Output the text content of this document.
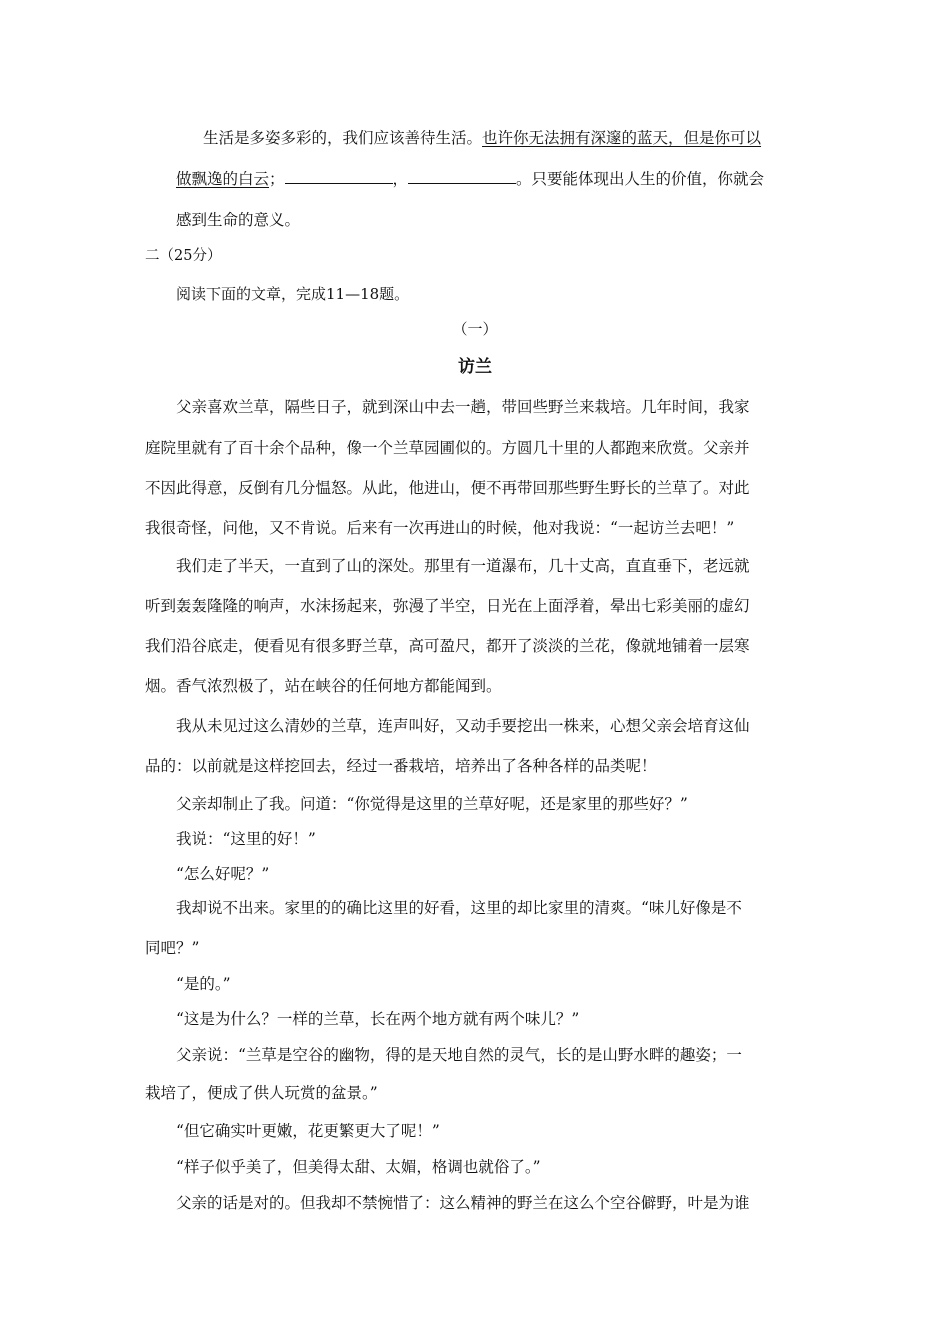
生活是多姿多彩的，我们应该善待生活。也许你无法拥有深邃的蓝天，但是你可以
做飘逸的白云；	，	。只要能体现出人生的价值，你就会
感到生命的意义。
二（25分）
阅读下面的文章，完成11—18题。
（一）
访兰
父亲喜欢兰草，隔些日子，就到深山中去一趟，带回些野兰来栽培。几年时间，我家
庭院里就有了百十余个品种，像一个兰草园圃似的。方圆几十里的人都跑来欣赏。父亲并
不因此得意，反倒有几分愠怒。从此，他进山，便不再带回那些野生野长的兰草了。对此
我很奇怪，问他，又不肯说。后来有一次再进山的时候，他对我说：“一起访兰去吧！”
我们走了半天，一直到了山的深处。那里有一道瀑布，几十丈高，直直垂下，老远就
听到轰轰隆隆的响声，水沫扬起来，弥漫了半空，日光在上面浮着，晕出七彩美丽的虚幻
我们沿谷底走，便看见有很多野兰草，高可盈尺，都开了淡淡的兰花，像就地铺着一层寒
烟。香气浓烈极了，站在峡谷的任何地方都能闻到。
我从未见过这么清妙的兰草，连声叫好，又动手要挖出一株来，心想父亲会培育这仙
品的：以前就是这样挖回去，经过一番栽培，培养出了各种各样的品类呢！
父亲却制止了我。问道：“你觉得是这里的兰草好呢，还是家里的那些好？”
我说：“这里的好！”
“怎么好呢？”
我却说不出来。家里的的确比这里的好看，这里的却比家里的清爽。“味儿好像是不
同吧？”
“是的。”
“这是为什么？一样的兰草，长在两个地方就有两个味儿？”
父亲说：“兰草是空谷的幽物，得的是天地自然的灵气，长的是山野水畔的趣姿；一
栽培了，便成了供人玩赏的盆景。”
“但它确实叶更嫩，花更繁更大了呢！”
“样子似乎美了，但美得太甜、太媚，格调也就俗了。”
父亲的话是对的。但我却不禁惋惜了：这么精神的野兰在这么个空谷僻野，叶是为谁
